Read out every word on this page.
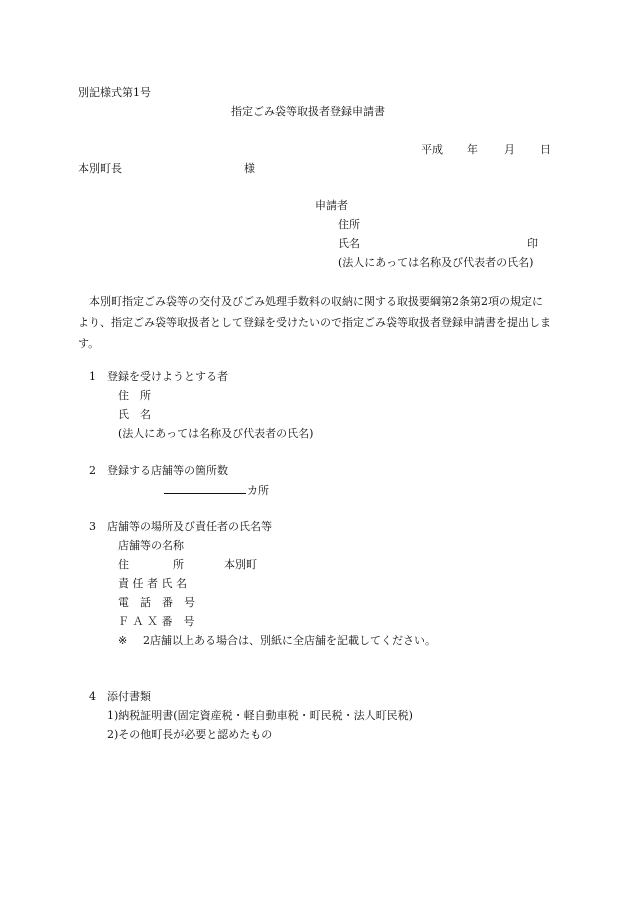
別記様式第1号
指定ごみ袋等取扱者登録申請書
平成 年 月 日
本別町長	様
申請者
住所
氏名	印
(法人にあっては名称及び代表者の氏名)
本別町指定ごみ袋等の交付及びごみ処理手数料の収納に関する取扱要綱第2条第2項の規定により、指定ごみ袋等取扱者として登録を受けたいので指定ごみ袋等取扱者登録申請書を提出します。
1 登録を受けようとする者
住　所
氏　名
(法人にあっては名称及び代表者の氏名)
2 登録する店舗等の箇所数
カ所
3 店舗等の場所及び責任者の氏名等
店舗等の名称
住　　　　所	本別町
責 任 者 氏 名
電　話　番　号
Ｆ Ａ Ｘ 番　号
※ 2店舗以上ある場合は、別紙に全店舗を記載してください。
4 添付書類
1)納税証明書(固定資産税・軽自動車税・町民税・法人町民税)
2)その他町長が必要と認めたもの
